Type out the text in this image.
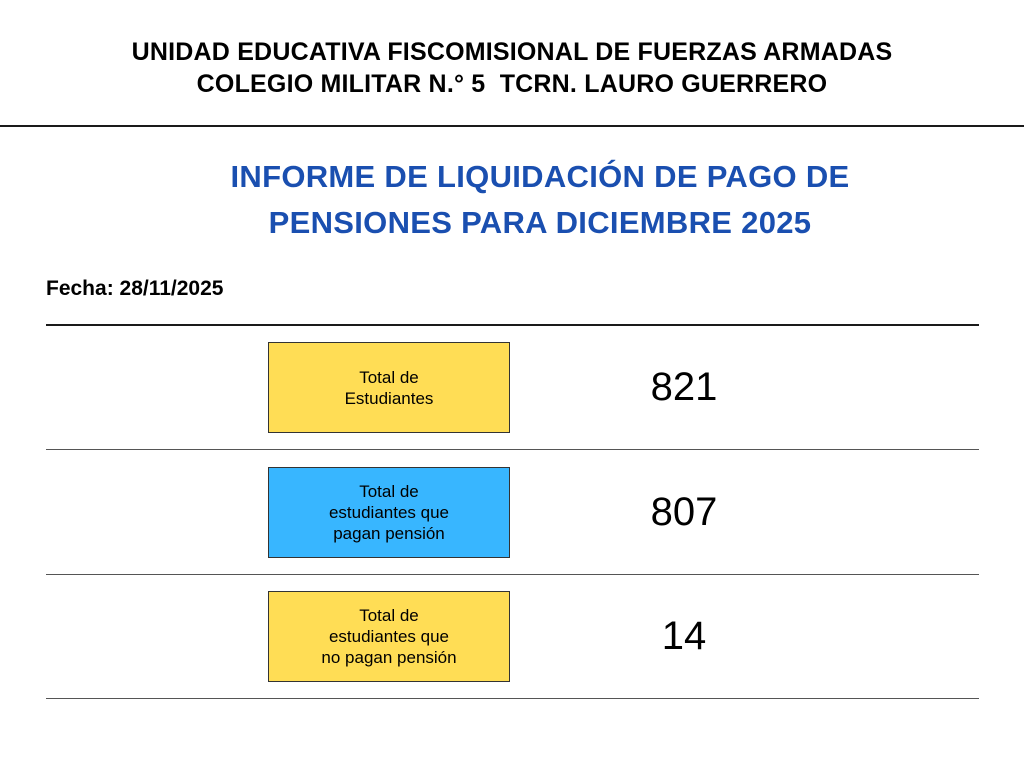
UNIDAD EDUCATIVA FISCOMISIONAL DE FUERZAS ARMADAS
COLEGIO MILITAR N.° 5  TCRN. LAURO GUERRERO
INFORME DE LIQUIDACIÓN DE PAGO DE
PENSIONES PARA DICIEMBRE 2025
Fecha: 28/11/2025
Total de
Estudiantes	821
Total de
estudiantes que
pagan pensión	807
Total de
estudiantes que
no pagan pensión	14
